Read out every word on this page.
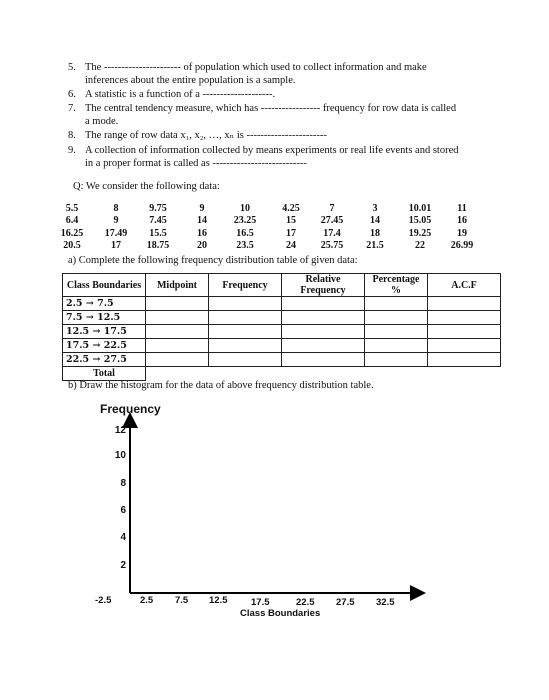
5. The ---------------------- of population which used to collect information and make
inferences about the entire population is a sample.
6. A statistic is a function of a --------------------.
7. The central tendency measure, which has ----------------- frequency for row data is called
a mode.
8. The range of row data x₁, x₂, …, xₙ is -----------------------
9. A collection of information collected by means experiments or real life events and stored
in a proper format is called as ---------------------------
Q: We consider the following data:
5.5	8	9.75	9	10	4.25	7	3	10.01	11
6.4	9	7.45	14	23.25	15	27.45	14	15.05	16
16.25	17.49	15.5	16	16.5	17	17.4	18	19.25	19
20.5	17	18.75	20	23.5	24	25.75	21.5	22	26.99
a) Complete the following frequency distribution table of given data:
Class Boundaries	Midpoint	Frequency	Relative Frequency	Percentage %	A.C.F
2.5 → 7.5					
7.5 → 12.5					
12.5 → 17.5					
17.5 → 22.5					
22.5 → 27.5					
Total					
b) Draw the histogram for the data of above frequency distribution table.
Frequency
2
4
6
8
10
12
-2.5	2.5 7.5 12.5 17.5	22.5 27.5 32.5
Class Boundaries
